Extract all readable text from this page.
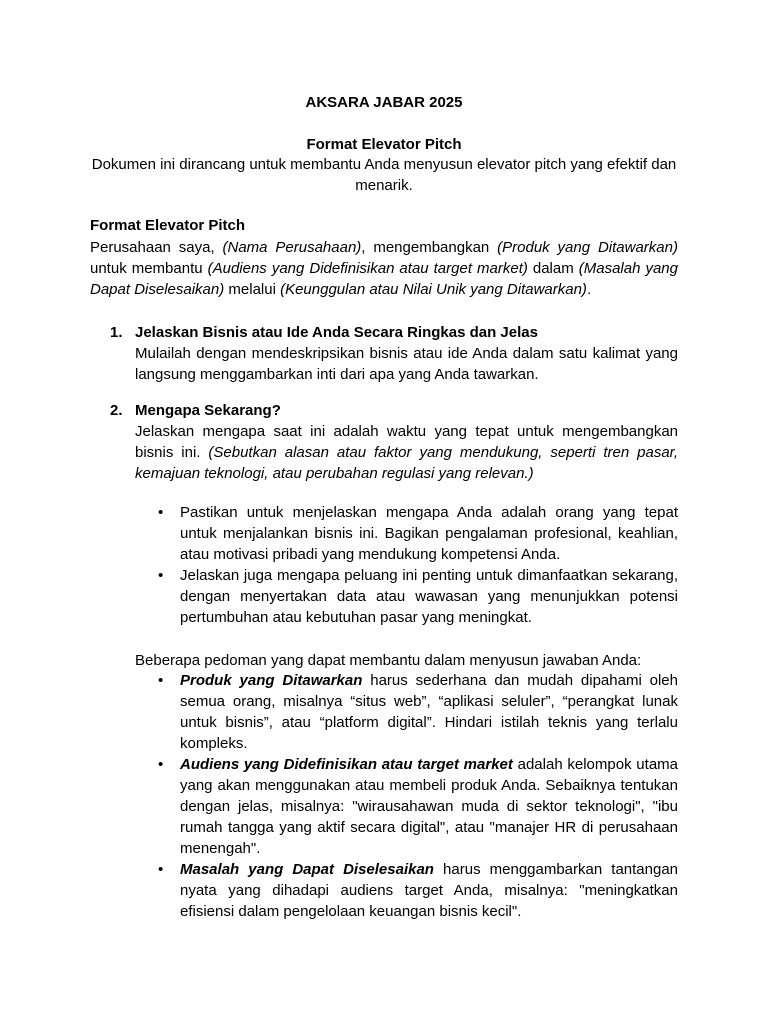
AKSARA JABAR 2025
Format Elevator Pitch
Dokumen ini dirancang untuk membantu Anda menyusun elevator pitch yang efektif dan menarik.
Format Elevator Pitch
Perusahaan saya, (Nama Perusahaan), mengembangkan (Produk yang Ditawarkan) untuk membantu (Audiens yang Didefinisikan atau target market) dalam (Masalah yang Dapat Diselesaikan) melalui (Keunggulan atau Nilai Unik yang Ditawarkan).
1. Jelaskan Bisnis atau Ide Anda Secara Ringkas dan Jelas
Mulailah dengan mendeskripsikan bisnis atau ide Anda dalam satu kalimat yang langsung menggambarkan inti dari apa yang Anda tawarkan.
2. Mengapa Sekarang?
Jelaskan mengapa saat ini adalah waktu yang tepat untuk mengembangkan bisnis ini. (Sebutkan alasan atau faktor yang mendukung, seperti tren pasar, kemajuan teknologi, atau perubahan regulasi yang relevan.)
• Pastikan untuk menjelaskan mengapa Anda adalah orang yang tepat untuk menjalankan bisnis ini. Bagikan pengalaman profesional, keahlian, atau motivasi pribadi yang mendukung kompetensi Anda.
• Jelaskan juga mengapa peluang ini penting untuk dimanfaatkan sekarang, dengan menyertakan data atau wawasan yang menunjukkan potensi pertumbuhan atau kebutuhan pasar yang meningkat.
Beberapa pedoman yang dapat membantu dalam menyusun jawaban Anda:
• Produk yang Ditawarkan harus sederhana dan mudah dipahami oleh semua orang, misalnya “situs web”, “aplikasi seluler”, “perangkat lunak untuk bisnis”, atau “platform digital”. Hindari istilah teknis yang terlalu kompleks.
• Audiens yang Didefinisikan atau target market adalah kelompok utama yang akan menggunakan atau membeli produk Anda. Sebaiknya tentukan dengan jelas, misalnya: "wirausahawan muda di sektor teknologi", "ibu rumah tangga yang aktif secara digital", atau "manajer HR di perusahaan menengah".
• Masalah yang Dapat Diselesaikan harus menggambarkan tantangan nyata yang dihadapi audiens target Anda, misalnya: "meningkatkan efisiensi dalam pengelolaan keuangan bisnis kecil".
